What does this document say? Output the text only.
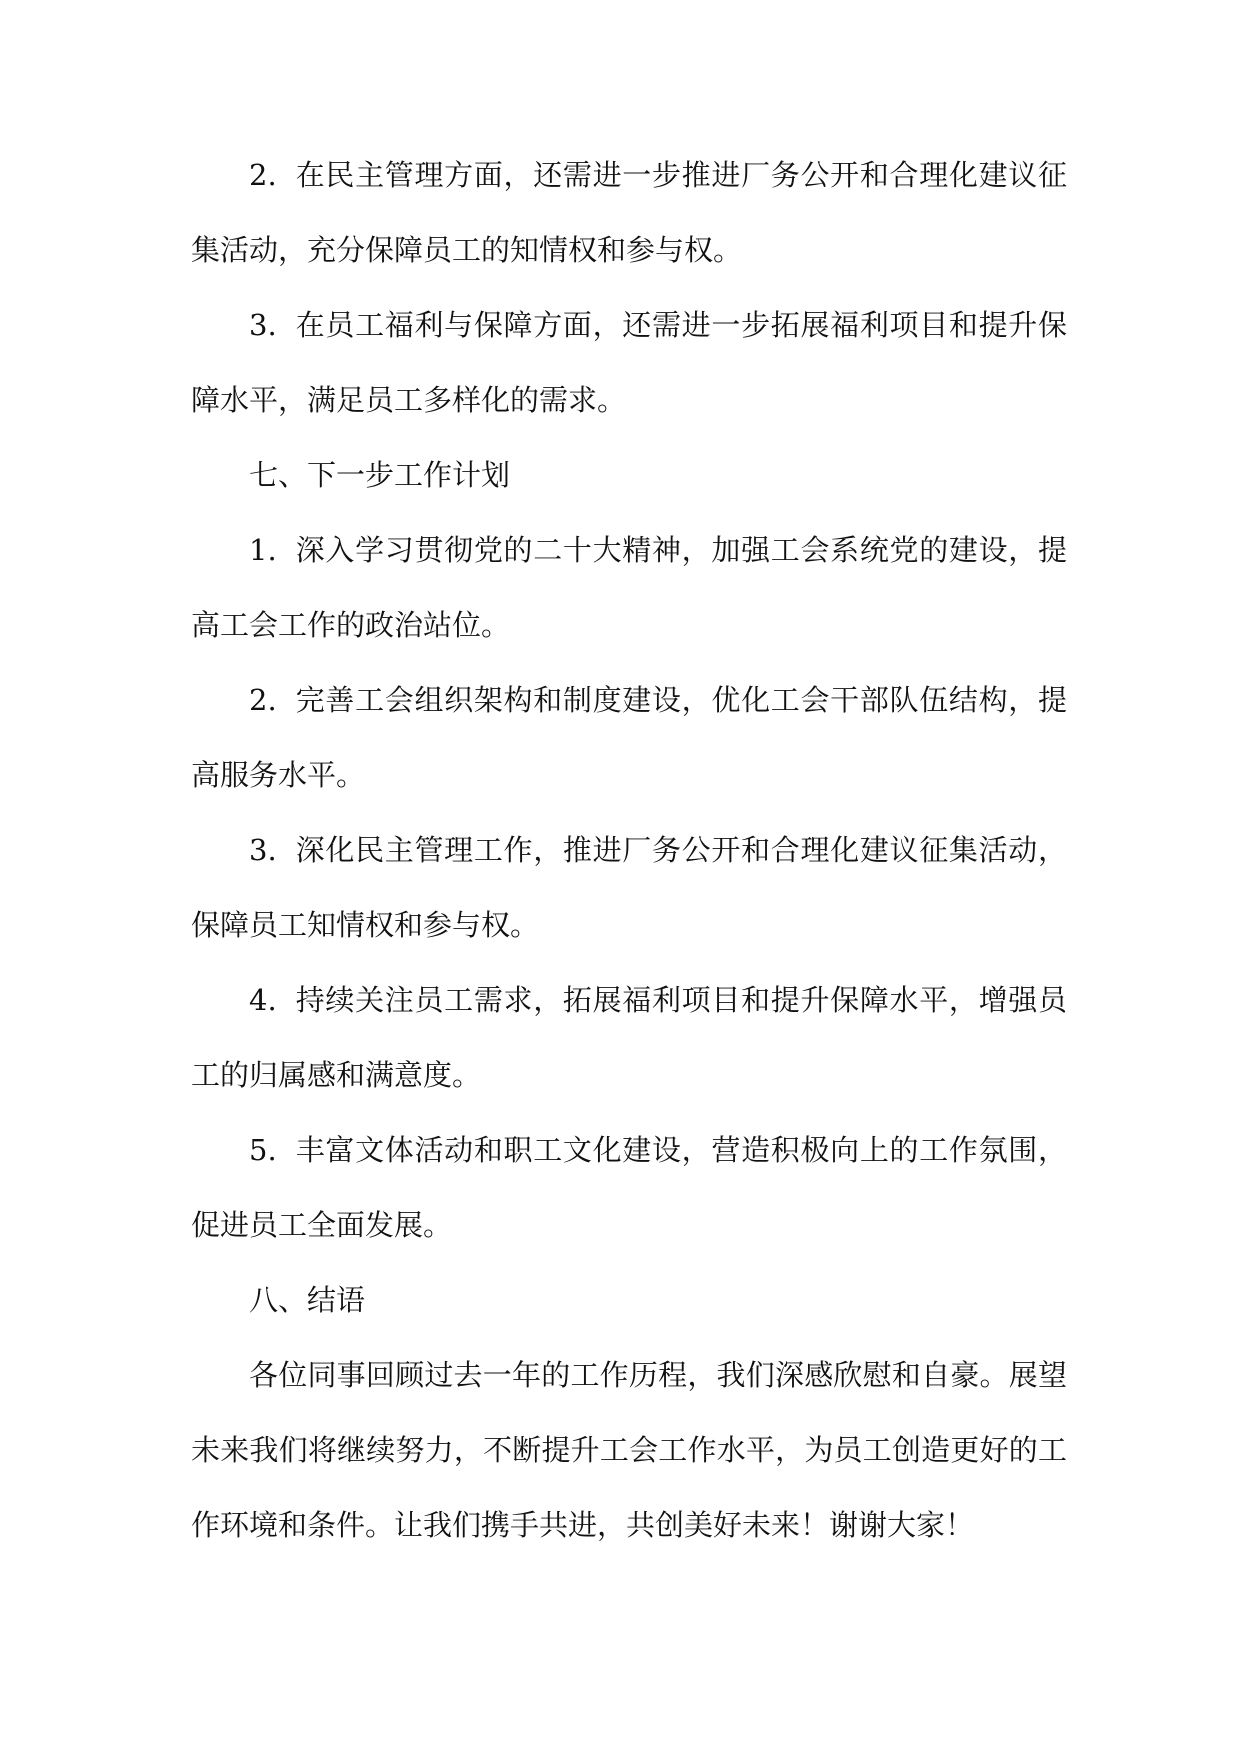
2. 在民主管理方面，还需进一步推进厂务公开和合理化建议征集活动，充分保障员工的知情权和参与权。

3. 在员工福利与保障方面，还需进一步拓展福利项目和提升保障水平，满足员工多样化的需求。

七、下一步工作计划

1. 深入学习贯彻党的二十大精神，加强工会系统党的建设，提高工会工作的政治站位。

2. 完善工会组织架构和制度建设，优化工会干部队伍结构，提高服务水平。

3. 深化民主管理工作，推进厂务公开和合理化建议征集活动，保障员工知情权和参与权。

4. 持续关注员工需求，拓展福利项目和提升保障水平，增强员工的归属感和满意度。

5. 丰富文体活动和职工文化建设，营造积极向上的工作氛围，促进员工全面发展。

八、结语

各位同事回顾过去一年的工作历程，我们深感欣慰和自豪。展望未来我们将继续努力，不断提升工会工作水平，为员工创造更好的工作环境和条件。让我们携手共进，共创美好未来！谢谢大家！
